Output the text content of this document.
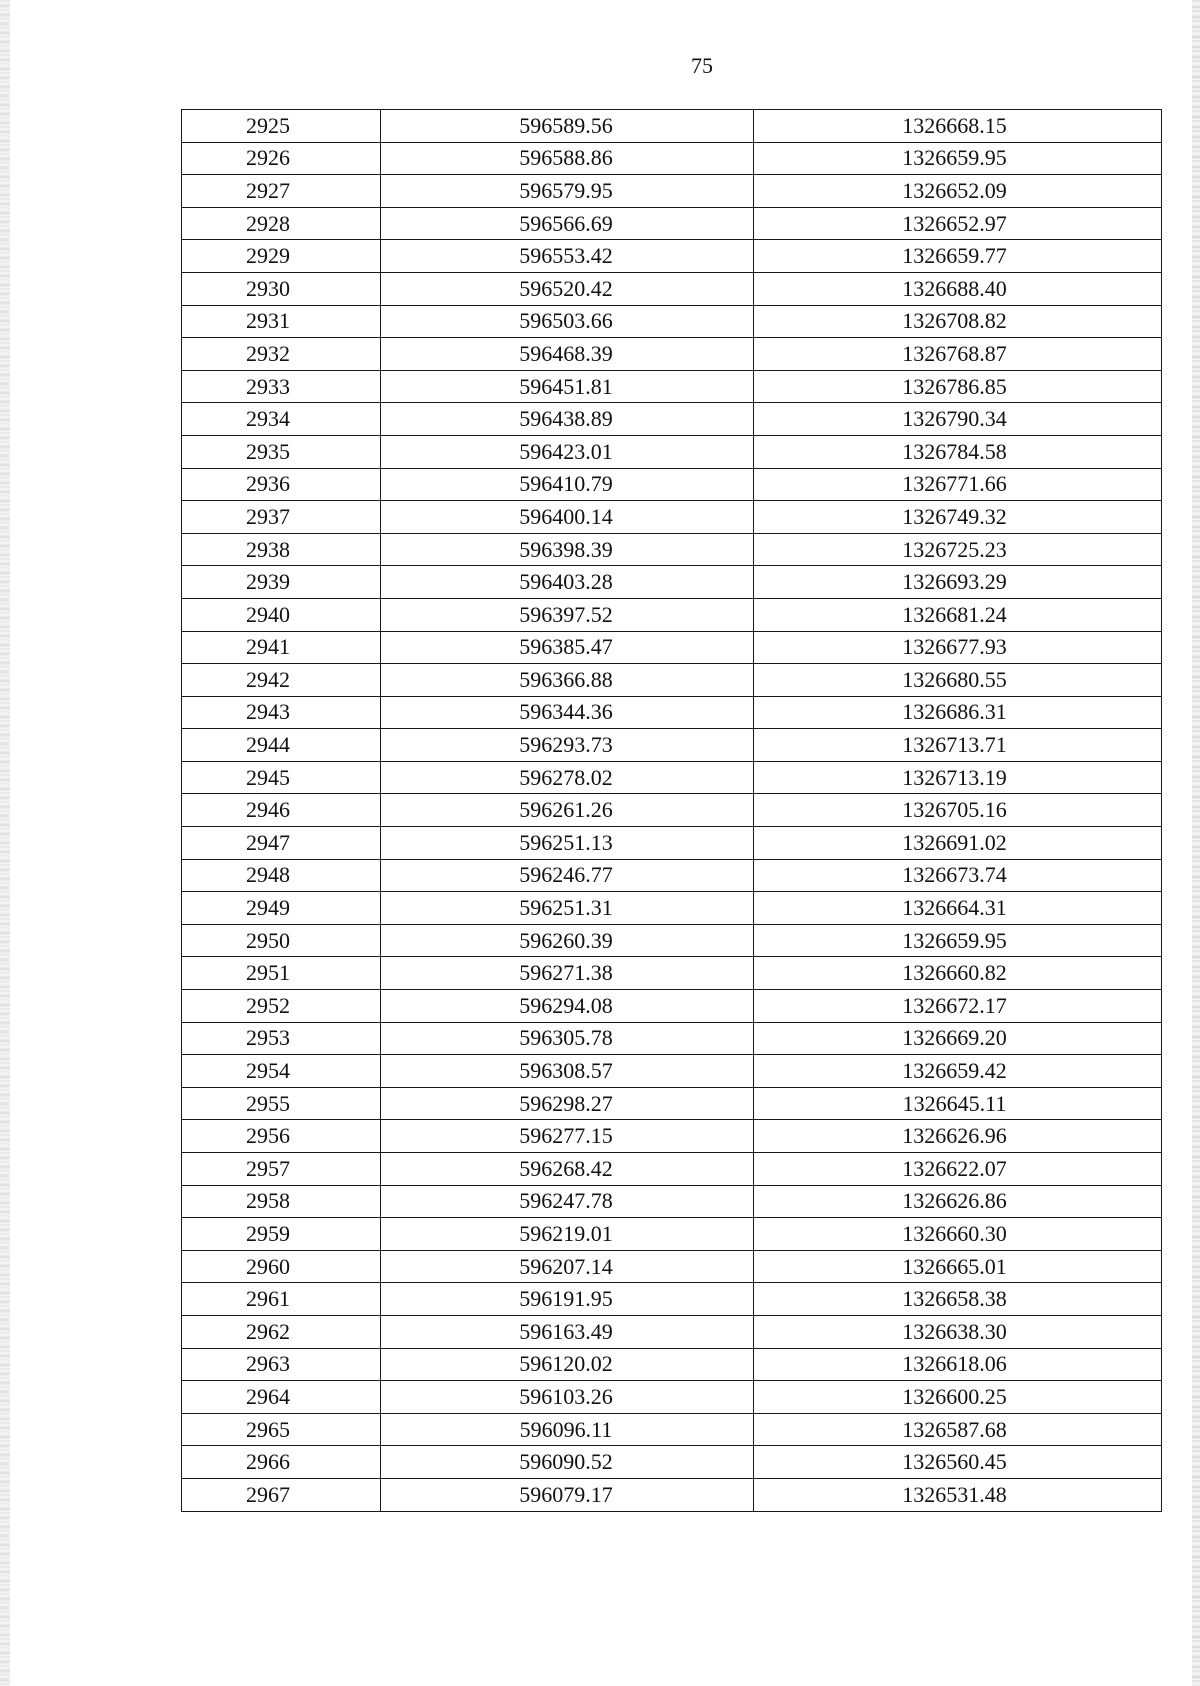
75
2925	596589.56	1326668.15
2926	596588.86	1326659.95
2927	596579.95	1326652.09
2928	596566.69	1326652.97
2929	596553.42	1326659.77
2930	596520.42	1326688.40
2931	596503.66	1326708.82
2932	596468.39	1326768.87
2933	596451.81	1326786.85
2934	596438.89	1326790.34
2935	596423.01	1326784.58
2936	596410.79	1326771.66
2937	596400.14	1326749.32
2938	596398.39	1326725.23
2939	596403.28	1326693.29
2940	596397.52	1326681.24
2941	596385.47	1326677.93
2942	596366.88	1326680.55
2943	596344.36	1326686.31
2944	596293.73	1326713.71
2945	596278.02	1326713.19
2946	596261.26	1326705.16
2947	596251.13	1326691.02
2948	596246.77	1326673.74
2949	596251.31	1326664.31
2950	596260.39	1326659.95
2951	596271.38	1326660.82
2952	596294.08	1326672.17
2953	596305.78	1326669.20
2954	596308.57	1326659.42
2955	596298.27	1326645.11
2956	596277.15	1326626.96
2957	596268.42	1326622.07
2958	596247.78	1326626.86
2959	596219.01	1326660.30
2960	596207.14	1326665.01
2961	596191.95	1326658.38
2962	596163.49	1326638.30
2963	596120.02	1326618.06
2964	596103.26	1326600.25
2965	596096.11	1326587.68
2966	596090.52	1326560.45
2967	596079.17	1326531.48
